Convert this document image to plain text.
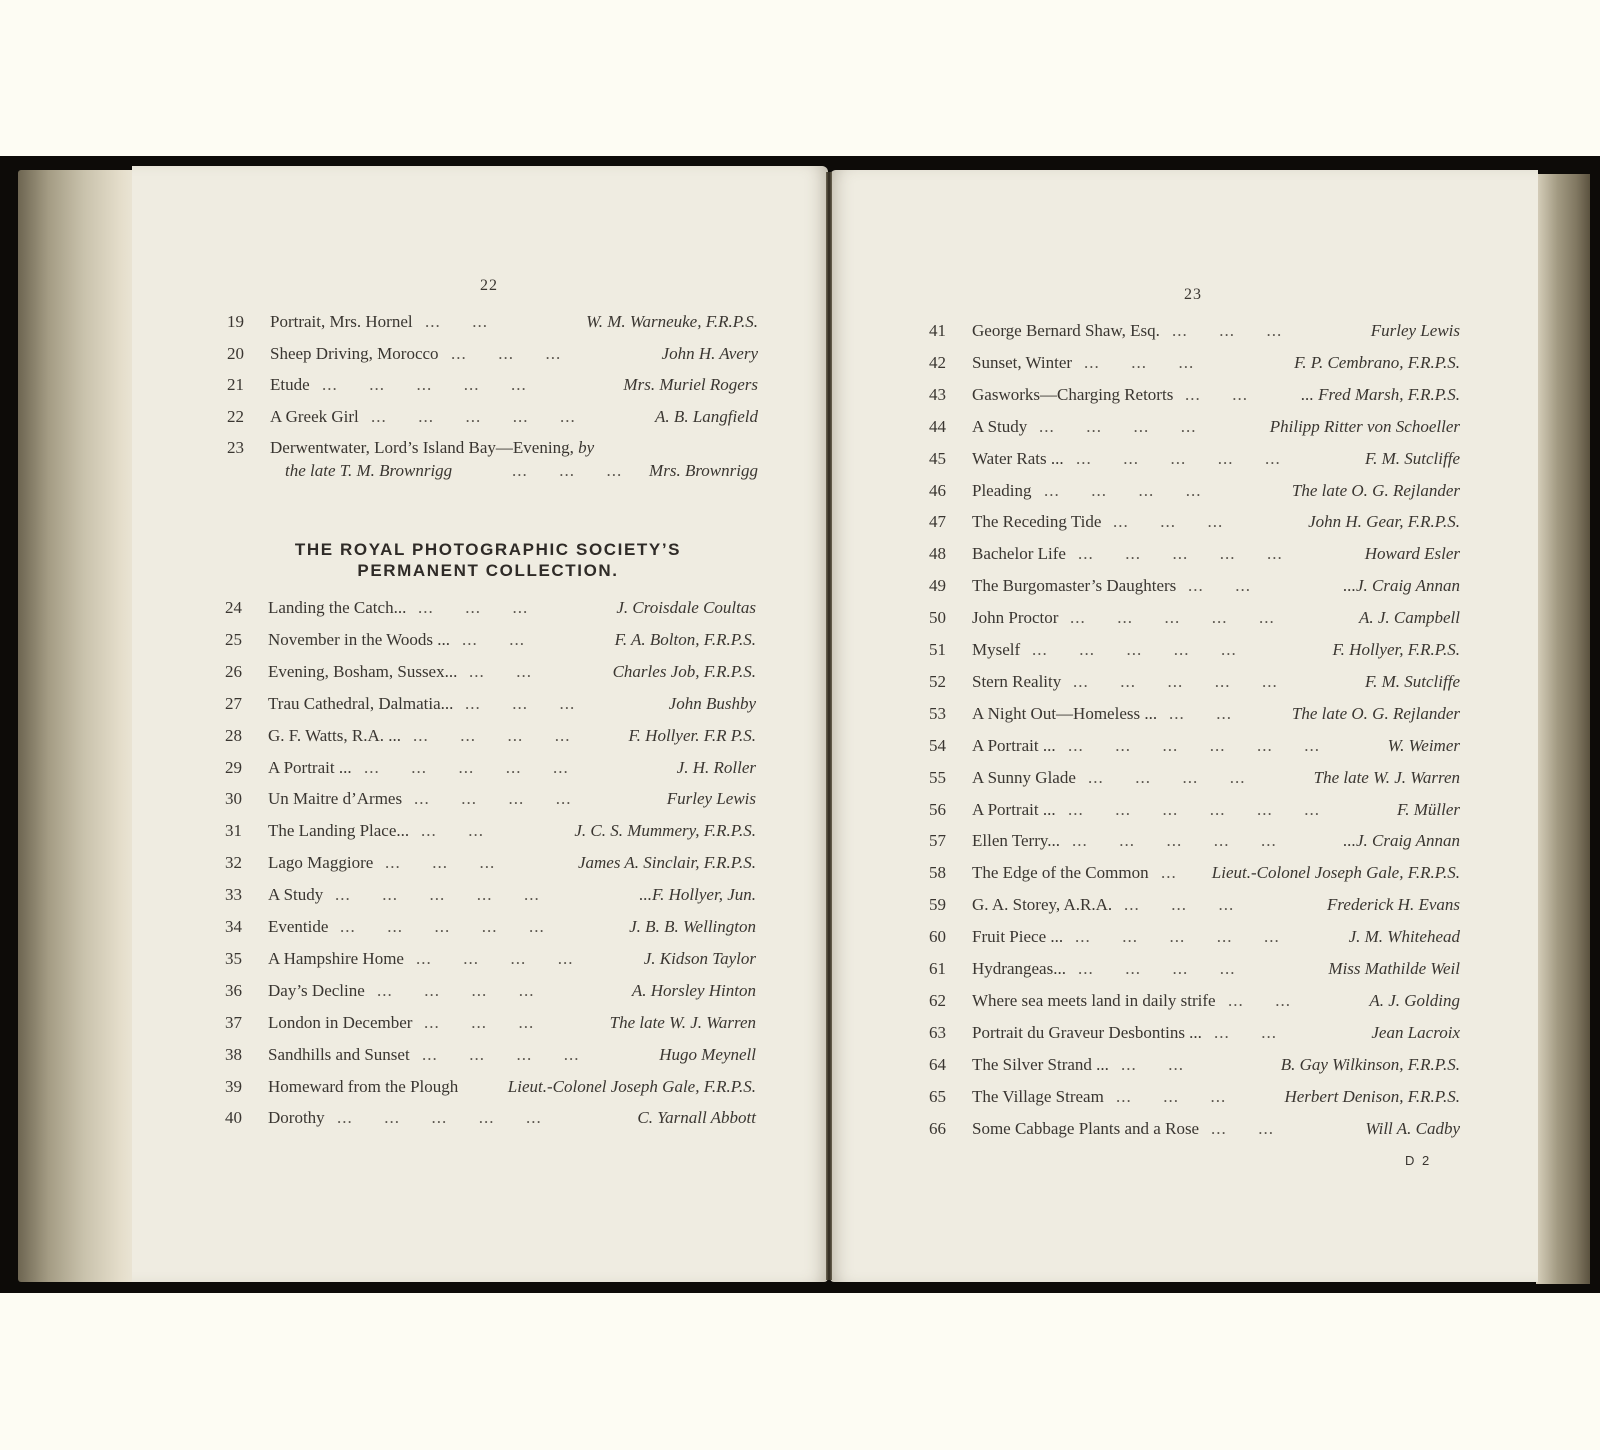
22
23
19 Portrait, Mrs. Hornel	W. M. Warneuke, F.R.P.S.
...      ...
20 Sheep Driving, Morocco	John H. Avery
...      ...      ...
21 Etude	Mrs. Muriel Rogers
...      ...      ...      ...      ...
22 A Greek Girl	A. B. Langfield
...      ...      ...      ...      ...
23 Derwentwater, Lord’s Island Bay—Evening, by
the late T. M. Brownrigg	...      ...      ... Mrs. Brownrigg
THE ROYAL PHOTOGRAPHIC SOCIETY’S
PERMANENT COLLECTION.
24 Landing the Catch...	J. Croisdale Coultas
...      ...      ...
25 November in the Woods ...	F. A. Bolton, F.R.P.S.
...      ...
26 Evening, Bosham, Sussex...	Charles Job, F.R.P.S.
...      ...
27 Trau Cathedral, Dalmatia...	John Bushby
...      ...      ...
28 G. F. Watts, R.A. ...	F. Hollyer. F.R P.S.
...      ...      ...      ...
29 A Portrait ...	J. H. Roller
...      ...      ...      ...      ...
30 Un Maitre d’Armes	Furley Lewis
...      ...      ...      ...
31 The Landing Place...	J. C. S. Mummery, F.R.P.S.
...      ...
32 Lago Maggiore	James A. Sinclair, F.R.P.S.
...      ...      ...
33 A Study	...F. Hollyer, Jun.
...      ...      ...      ...      ...
34 Eventide	J. B. B. Wellington
...      ...      ...      ...      ...
35 A Hampshire Home	J. Kidson Taylor
...      ...      ...      ...
36 Day’s Decline	A. Horsley Hinton
...      ...      ...      ...
37 London in December	The late W. J. Warren
...      ...      ...
38 Sandhills and Sunset	Hugo Meynell
...      ...      ...      ...
39 Homeward from the Plough	Lieut.-Colonel Joseph Gale, F.R.P.S.
40 Dorothy	C. Yarnall Abbott
...      ...      ...      ...      ...
41 George Bernard Shaw, Esq.	Furley Lewis
...      ...      ...
42 Sunset, Winter	F. P. Cembrano, F.R.P.S.
...      ...      ...
43 Gasworks—Charging Retorts	... Fred Marsh, F.R.P.S.
...      ...
44 A Study	Philipp Ritter von Schoeller
...      ...      ...      ...
45 Water Rats ...	F. M. Sutcliffe
...      ...      ...      ...      ...
46 Pleading	The late O. G. Rejlander
...      ...      ...      ...
47 The Receding Tide	John H. Gear, F.R.P.S.
...      ...      ...
48 Bachelor Life	Howard Esler
...      ...      ...      ...      ...
49 The Burgomaster’s Daughters	...J. Craig Annan
...      ...
50 John Proctor	A. J. Campbell
...      ...      ...      ...      ...
51 Myself	F. Hollyer, F.R.P.S.
...      ...      ...      ...      ...
52 Stern Reality	F. M. Sutcliffe
...      ...      ...      ...      ...
53 A Night Out—Homeless ...	The late O. G. Rejlander
...      ...
54 A Portrait ...	W. Weimer
...      ...      ...      ...      ...      ...
55 A Sunny Glade	The late W. J. Warren
...      ...      ...      ...
56 A Portrait ...	F. Müller
...      ...      ...      ...      ...      ...
57 Ellen Terry...	...J. Craig Annan
...      ...      ...      ...      ...
58 The Edge of the Common	Lieut.-Colonel Joseph Gale, F.R.P.S.
...
59 G. A. Storey, A.R.A.	Frederick H. Evans
...      ...      ...
60 Fruit Piece ...	J. M. Whitehead
...      ...      ...      ...      ...
61 Hydrangeas...	Miss Mathilde Weil
...      ...      ...      ...
62 Where sea meets land in daily strife	A. J. Golding
...      ...
63 Portrait du Graveur Desbontins ...	Jean Lacroix
...      ...
64 The Silver Strand ...	B. Gay Wilkinson, F.R.P.S.
...      ...
65 The Village Stream	Herbert Denison, F.R.P.S.
...      ...      ...
66 Some Cabbage Plants and a Rose	Will A. Cadby
...      ...
D 2
